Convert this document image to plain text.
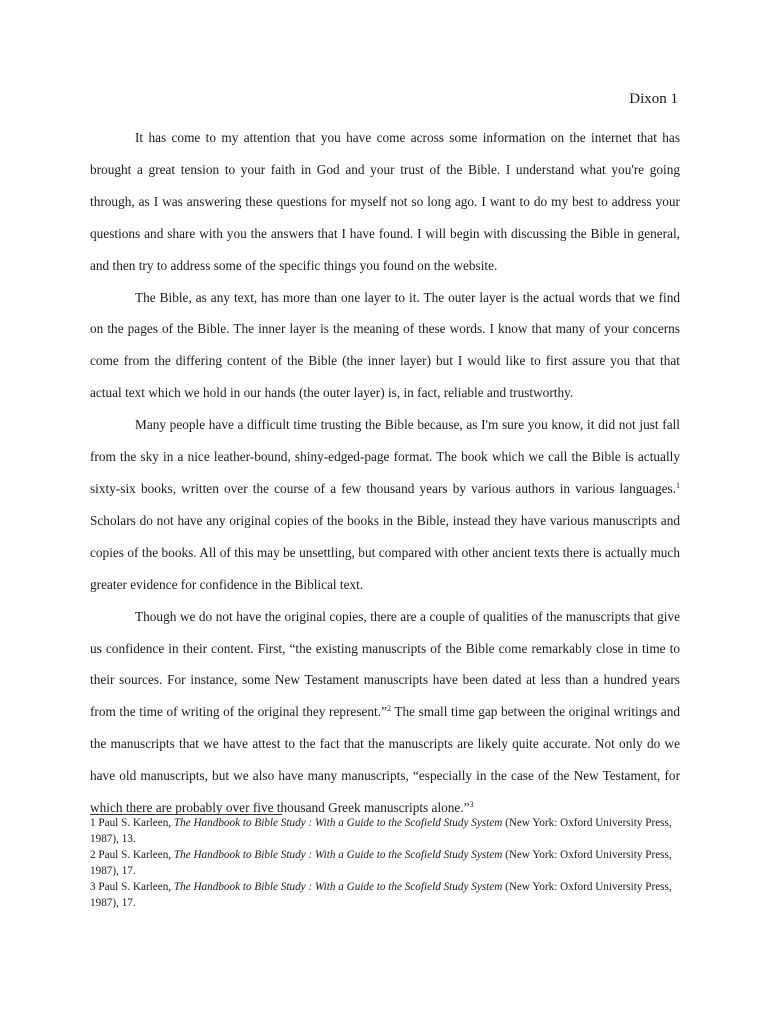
Dixon 1

It has come to my attention that you have come across some information on the internet that has brought a great tension to your faith in God and your trust of the Bible. I understand what you're going through, as I was answering these questions for myself not so long ago. I want to do my best to address your questions and share with you the answers that I have found. I will begin with discussing the Bible in general, and then try to address some of the specific things you found on the website.

The Bible, as any text, has more than one layer to it. The outer layer is the actual words that we find on the pages of the Bible. The inner layer is the meaning of these words. I know that many of your concerns come from the differing content of the Bible (the inner layer) but I would like to first assure you that that actual text which we hold in our hands (the outer layer) is, in fact, reliable and trustworthy.

Many people have a difficult time trusting the Bible because, as I'm sure you know, it did not just fall from the sky in a nice leather-bound, shiny-edged-page format. The book which we call the Bible is actually sixty-six books, written over the course of a few thousand years by various authors in various languages.$^1$ Scholars do not have any original copies of the books in the Bible, instead they have various manuscripts and copies of the books. All of this may be unsettling, but compared with other ancient texts there is actually much greater evidence for confidence in the Biblical text.

Though we do not have the original copies, there are a couple of qualities of the manuscripts that give us confidence in their content. First, “the existing manuscripts of the Bible come remarkably close in time to their sources. For instance, some New Testament manuscripts have been dated at less than a hundred years from the time of writing of the original they represent.”$^2$ The small time gap between the original writings and the manuscripts that we have attest to the fact that the manuscripts are likely quite accurate. Not only do we have old manuscripts, but we also have many manuscripts, “especially in the case of the New Testament, for which there are probably over five thousand Greek manuscripts alone.”$^3$

1 Paul S. Karleen, The Handbook to Bible Study : With a Guide to the Scofield Study System (New York: Oxford University Press, 1987), 13.

2 Paul S. Karleen, The Handbook to Bible Study : With a Guide to the Scofield Study System (New York: Oxford University Press, 1987), 17.

3 Paul S. Karleen, The Handbook to Bible Study : With a Guide to the Scofield Study System (New York: Oxford University Press, 1987), 17.
